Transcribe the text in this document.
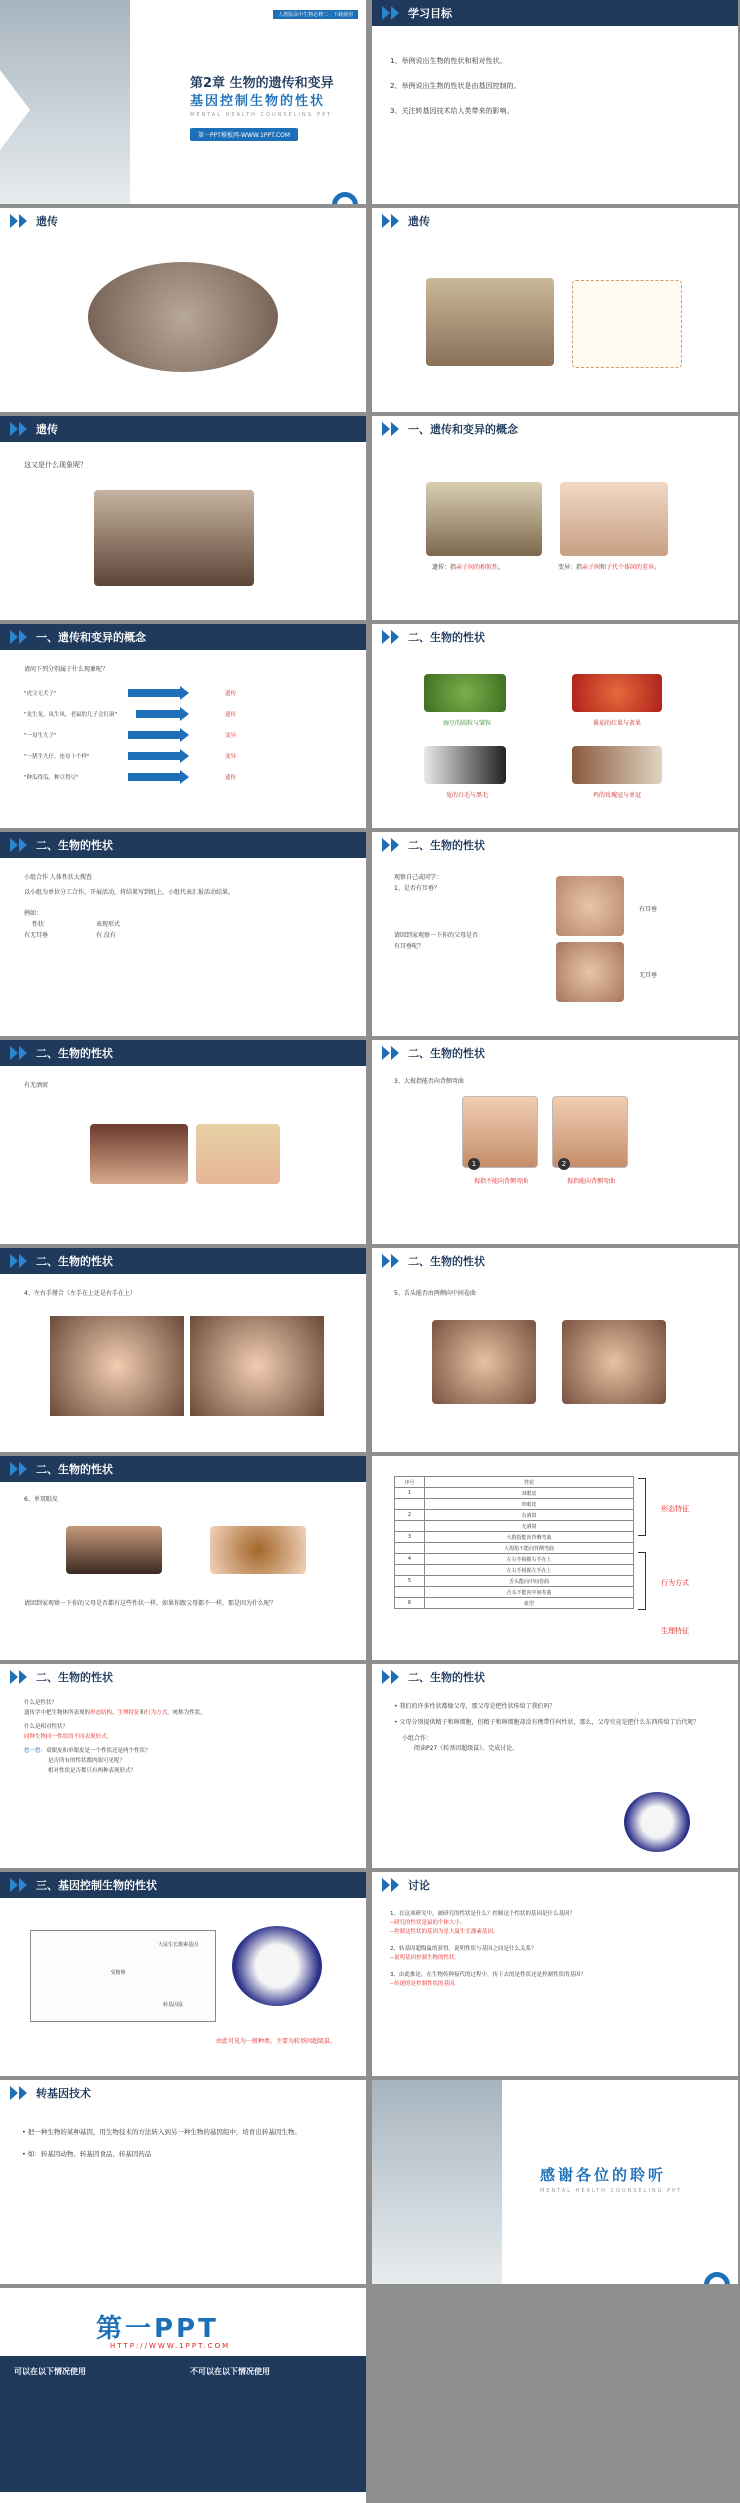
人教版高中生物必修二 · 下载使用
第2章 生物的遗传和变异
基因控制生物的性状
MENTAL HEALTH COUNSELING PPT
第一PPT模板网-WWW.1PPT.COM
学习目标
1、举例说出生物的性状和相对性状。
2、举例说出生物的性状是由基因控制的。
3、关注转基因技术给人类带来的影响。
遗传	遗传
遗传
这又是什么现象呢？
一、遗传和变异的概念
遗传：指亲子间的相似性。	变异：指亲子间和子代个体间的差异。
一、遗传和变异的概念
请问下列分别属于什么现象呢？
"虎父无犬子"	遗传
"龙生龙，凤生凤，老鼠的儿子会打洞"	遗传
"一母生九子"	变异
"一猪生九仔，连母十个样"	变异
"种瓜得瓜，种豆得豆"	遗传
二、生物的性状
豌豆的圆粒与皱粒	番茄的红果与黄果
兔的白毛与黑毛	鸡的玫瑰冠与单冠
二、生物的性状
小组合作 人体性状大搜查
以小组为单位分工合作，开展活动，将结果写到纸上，小组代表汇报活动结果。
例如：
性状	表现形式
有无耳垂	有 没有
二、生物的性状
观察自己或同学：
1、是否有耳垂？
请回到家观察一下你的父母是否
有耳垂呢？
有耳垂
无耳垂
二、生物的性状
有无酒窝
二、生物的性状
3、大拇指能否向背侧弯曲
1	2
拇指不能向背侧弯曲	拇指能向背侧弯曲
二、生物的性状
4、左右手掰合（左手在上还是右手在上）
二、生物的性状
5、舌头能否由两侧向中间卷曲
二、生物的性状
6、单双眼皮
请回到家观察一下你的父母是否都有这些性状一样，如果你跟父母都不一样，那是因为什么呢？
序号	性状
1	双眼皮
	单眼皮
2	有酒窝
	无酒窝
3	大拇指能向背侧弯曲
	大拇指不能向背侧弯曲
4	左右手相握右手在上
	左右手相握左手在上
5	舌头能向中间卷曲
	舌头不能向中间卷曲
6	血型
形态特征
行为方式
生理特征
二、生物的性状
什么是性状？
遗传学中把生物体所表现的形态结构、生理特征和行为方式，统称为性状。
什么是相对性状？
同种生物同一性状的不同表现形式。
想一想：双眼皮和单眼皮是一个性状还是两个性状？
是否所有的性状都肉眼可见呢？
相对性状是否都只有两种表现形式？
二、生物的性状
• 我们的许多性状都像父母，那父母是把性状传给了我们吗？
• 父母分别提供精子和卵细胞，但精子和卵细胞却没有携带任何性状，那么，父母究竟是把什么东西传给了后代呢？
小组合作：
阅读P27《转基因超级鼠》，完成讨论。
三、基因控制生物的性状
大鼠生长激素基因
受精卵
转基因鼠
由此可见为一般种类，主要为转基因超级鼠。
讨论
1、在这项研究中，被研究的性状是什么？控制这个性状的基因是什么基因？
--研究的性状是鼠的个体大小。
--控制这性状的基因为是大鼠生长激素基因。
2、转基因超级鼠的获得，说明性状与基因之间是什么关系？
--说明基因控制生物的性状。
3、由此推论，在生物传种接代的过程中，传下去的是性状还是控制性状的基因？
--传递的是控制性状的基因。
转基因技术
• 把一种生物的某种基因，用生物技术的方法转入到另一种生物的基因组中，培育出转基因生物。
• 如：转基因动物、转基因食品、转基因药品
感谢各位的聆听
MENTAL HEALTH COUNSELING PPT
第一PPT
HTTP://WWW.1PPT.COM
可以在以下情况使用	不可以在以下情况使用
